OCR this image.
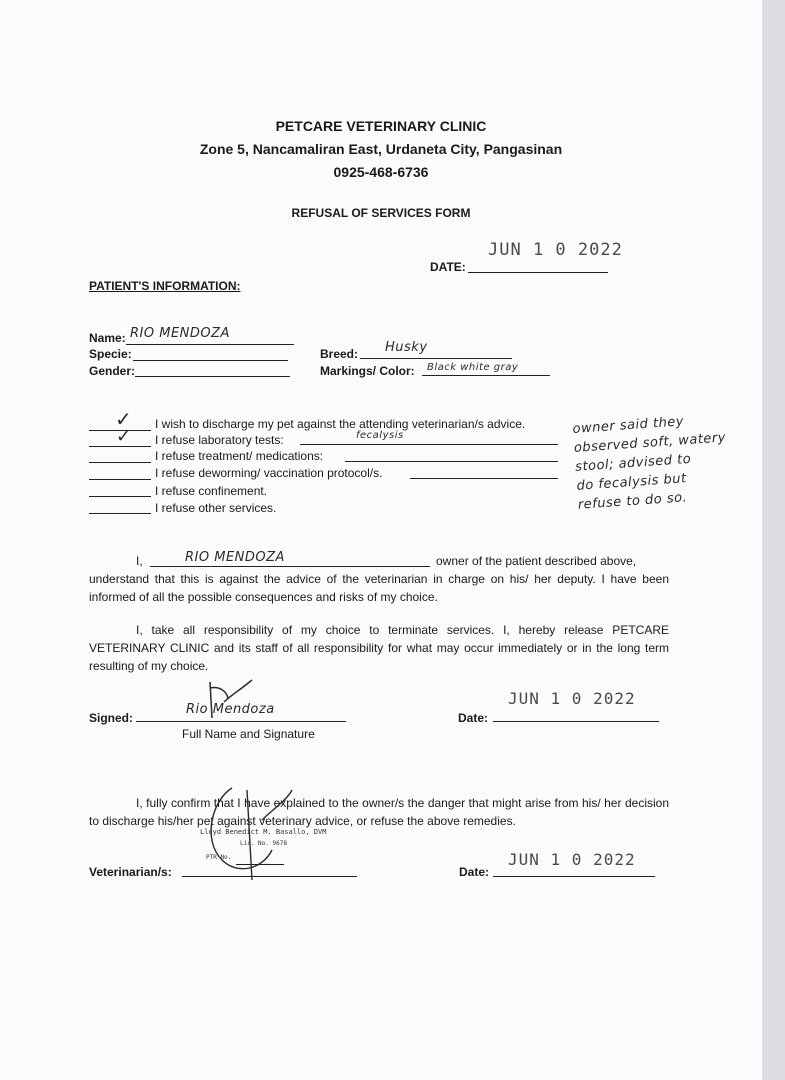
PETCARE VETERINARY CLINIC
Zone 5, Nancamaliran East, Urdaneta City, Pangasinan
0925-468-6736
REFUSAL OF SERVICES FORM
JUN 1 0 2022
DATE:
PATIENT'S INFORMATION:
Name: RIO MENDOZA
Specie:
Gender:
Breed: Husky
Markings/ Color: Black white gray
✓ I wish to discharge my pet against the attending veterinarian/s advice.
✓ I refuse laboratory tests:	fecalysis
I refuse treatment/ medications:
I refuse deworming/ vaccination protocol/s.
I refuse confinement.
I refuse other services.
owner said they
observed soft, watery
stool; advised to
do fecalysis but
refuse to do so.
I,	RIO MENDOZA	owner of the patient described above,
understand that this is against the advice of the veterinarian in charge on his/ her deputy. I have been informed of all the possible consequences and risks of my choice.
I, take all responsibility of my choice to terminate services. I, hereby release PETCARE VETERINARY CLINIC and its staff of all responsibility for what may occur immediately or in the long term resulting of my choice.
Signed:
Rio Mendoza
Full Name and Signature
JUN 1 0 2022
Date:
I, fully confirm that I have explained to the owner/s the danger that might arise from his/ her decision to discharge his/her pet against veterinary advice, or refuse the above remedies.
Lloyd Benedict M. Basallo, DVM
Lic. No. 9678
PTR No.
Veterinarian/s:
JUN 1 0 2022
Date:
